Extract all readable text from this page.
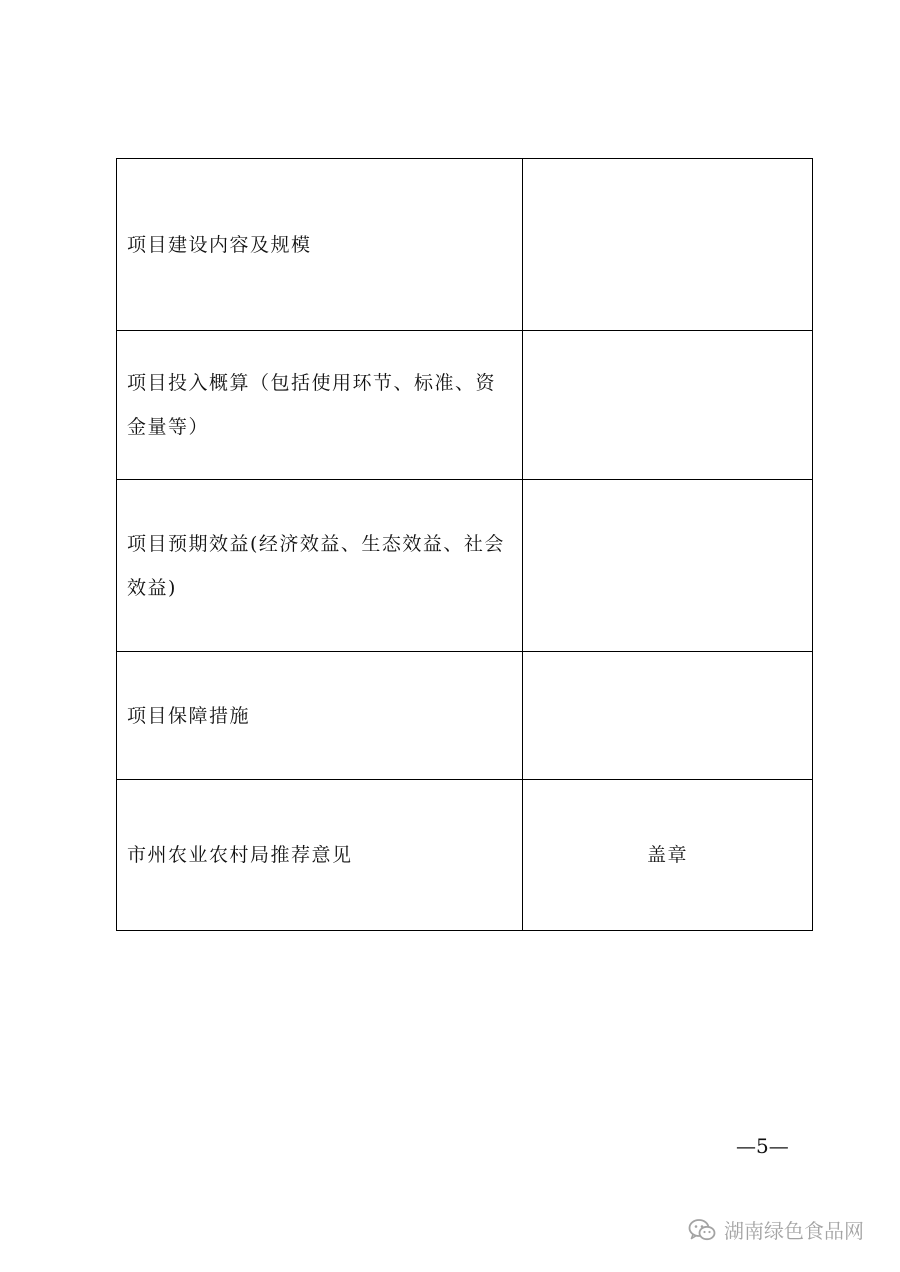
项目建设内容及规模	
项目投入概算（包括使用环节、标准、资金量等）	
项目预期效益(经济效益、生态效益、社会效益)	
项目保障措施	
市州农业农村局推荐意见	盖章
—5—
湖南绿色食品网
